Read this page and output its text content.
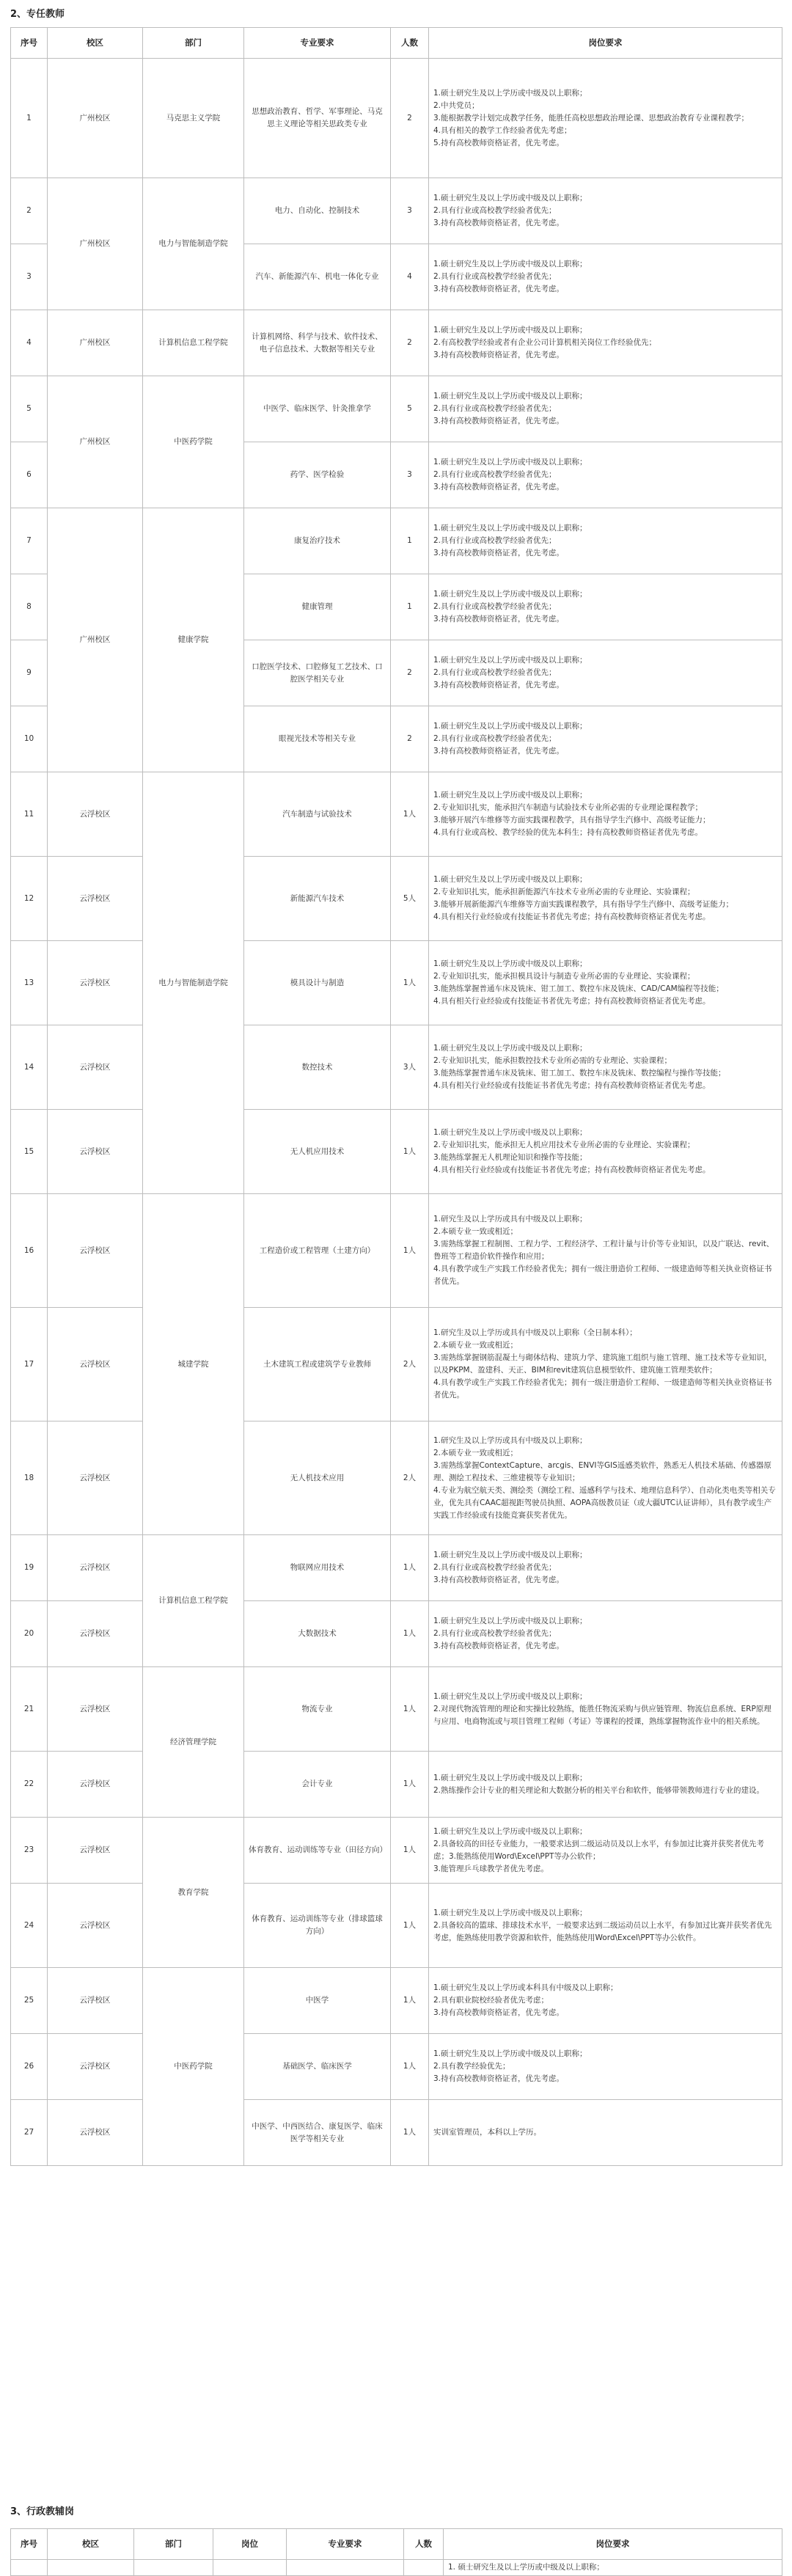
2、专任教师
序号	校区	部门	专业要求	人数	岗位要求
1	广州校区	马克思主义学院	思想政治教育、哲学、军事理论、马克思主义理论等相关思政类专业	2	1.硕士研究生及以上学历或中级及以上职称；
2.中共党员；
3.能根据教学计划完成教学任务，能胜任高校思想政治理论课、思想政治教育专业课程教学；
4.具有相关的教学工作经验者优先考虑；
5.持有高校教师资格证者，优先考虑。

2	广州校区	电力与智能制造学院	电力、自动化、控制技术	3	1.硕士研究生及以上学历或中级及以上职称；
2.具有行业或高校教学经验者优先；
3.持有高校教师资格证者，优先考虑。

3			汽车、新能源汽车、机电一体化专业	4	1.硕士研究生及以上学历或中级及以上职称；
2.具有行业或高校教学经验者优先；
3.持有高校教师资格证者，优先考虑。

4	广州校区	计算机信息工程学院	计算机网络、科学与技术、软件技术、电子信息技术、大数据等相关专业	2	1.硕士研究生及以上学历或中级及以上职称；
2.有高校教学经验或者有企业公司计算机相关岗位工作经验优先；
3.持有高校教师资格证者，优先考虑。

5	广州校区	中医药学院	中医学、临床医学、针灸推拿学	5	1.硕士研究生及以上学历或中级及以上职称；
2.具有行业或高校教学经验者优先；
3.持有高校教师资格证者，优先考虑。

6			药学、医学检验	3	1.硕士研究生及以上学历或中级及以上职称；
2.具有行业或高校教学经验者优先；
3.持有高校教师资格证者，优先考虑。

7	广州校区	健康学院	康复治疗技术	1	1.硕士研究生及以上学历或中级及以上职称；
2.具有行业或高校教学经验者优先；
3.持有高校教师资格证者，优先考虑。

8			健康管理	1	1.硕士研究生及以上学历或中级及以上职称；
2.具有行业或高校教学经验者优先；
3.持有高校教师资格证者，优先考虑。

9			口腔医学技术、口腔修复工艺技术、口腔医学相关专业	2	1.硕士研究生及以上学历或中级及以上职称；
2.具有行业或高校教学经验者优先；
3.持有高校教师资格证者，优先考虑。

10			眼视光技术等相关专业	2	1.硕士研究生及以上学历或中级及以上职称；
2.具有行业或高校教学经验者优先；
3.持有高校教师资格证者，优先考虑。

11	云浮校区	电力与智能制造学院	汽车制造与试验技术	1人	1.硕士研究生及以上学历或中级及以上职称；
2.专业知识扎实，能承担汽车制造与试验技术专业所必需的专业理论课程教学；
3.能够开展汽车维修等方面实践课程教学，具有指导学生汽修中、高级考证能力；
4.具有行业或高校、教学经验的优先本科生；持有高校教师资格证者优先考虑。

12	云浮校区		新能源汽车技术	5人	1.硕士研究生及以上学历或中级及以上职称；
2.专业知识扎实，能承担新能源汽车技术专业所必需的专业理论、实验课程；
3.能够开展新能源汽车维修等方面实践课程教学，具有指导学生汽修中、高级考证能力；
4.具有相关行业经验或有技能证书者优先考虑；持有高校教师资格证者优先考虑。

13	云浮校区		模具设计与制造	1人	1.硕士研究生及以上学历或中级及以上职称；
2.专业知识扎实，能承担模具设计与制造专业所必需的专业理论、实验课程；
3.能熟练掌握普通车床及铣床、钳工加工、数控车床及铣床、CAD/CAM编程等技能；
4.具有相关行业经验或有技能证书者优先考虑；持有高校教师资格证者优先考虑。

14	云浮校区		数控技术	3人	1.硕士研究生及以上学历或中级及以上职称；
2.专业知识扎实，能承担数控技术专业所必需的专业理论、实验课程；
3.能熟练掌握普通车床及铣床、钳工加工、数控车床及铣床、数控编程与操作等技能；
4.具有相关行业经验或有技能证书者优先考虑；持有高校教师资格证者优先考虑。

15	云浮校区		无人机应用技术	1人	1.硕士研究生及以上学历或中级及以上职称；
2.专业知识扎实，能承担无人机应用技术专业所必需的专业理论、实验课程；
3.能熟练掌握无人机理论知识和操作等技能；
4.具有相关行业经验或有技能证书者优先考虑；持有高校教师资格证者优先考虑。

16	云浮校区	城建学院	工程造价或工程管理（土建方向）	1人	1.研究生及以上学历或具有中级及以上职称；
2.本硕专业一致或相近；
3.需熟练掌握工程制图、工程力学、工程经济学、工程计量与计价等专业知识，以及广联达、revit、鲁班等工程造价软件操作和应用；
4.具有教学或生产实践工作经验者优先；拥有一级注册造价工程师、一级建造师等相关执业资格证书者优先。

17	云浮校区		土木建筑工程或建筑学专业教师	2人	1.研究生及以上学历或具有中级及以上职称（全日制本科）；
2.本硕专业一致或相近；
3.需熟练掌握钢筋混凝土与砌体结构、建筑力学、建筑施工组织与施工管理、施工技术等专业知识，以及PKPM、盈建科、天正、BIM和revit建筑信息模型软件、建筑施工管理类软件；
4.具有教学或生产实践工作经验者优先；拥有一级注册造价工程师、一级建造师等相关执业资格证书者优先。

18	云浮校区		无人机技术应用	2人	1.研究生及以上学历或具有中级及以上职称；
2.本硕专业一致或相近；
3.需熟练掌握ContextCapture、arcgis、ENVI等GIS遥感类软件，熟悉无人机技术基础、传感器原理、测绘工程技术、三维建模等专业知识；
4.专业为航空航天类、测绘类（测绘工程、遥感科学与技术、地理信息科学）、自动化类电类等相关专业，优先具有CAAC超视距驾驶员执照、AOPA高级教员证（或大疆UTC认证讲师），具有教学或生产实践工作经验或有技能竞赛获奖者优先。

19	云浮校区	计算机信息工程学院	物联网应用技术	1人	1.硕士研究生及以上学历或中级及以上职称；
2.具有行业或高校教学经验者优先；
3.持有高校教师资格证者，优先考虑。

20	云浮校区		大数据技术	1人	1.硕士研究生及以上学历或中级及以上职称；
2.具有行业或高校教学经验者优先；
3.持有高校教师资格证者，优先考虑。

21	云浮校区	经济管理学院	物流专业	1人	1.硕士研究生及以上学历或中级及以上职称；
2.对现代物流管理的理论和实操比较熟练，能胜任物流采购与供应链管理、物流信息系统、ERP原理与应用、电商物流或与项目管理工程师（考证）等课程的授课，熟练掌握物流作业中的相关系统。

22	云浮校区		会计专业	1人	1.硕士研究生及以上学历或中级及以上职称；
2.熟练操作会计专业的相关理论和大数据分析的相关平台和软件，能够带领教师进行专业的建设。

23	云浮校区	教育学院	体育教育、运动训练等专业（田径方向）	1人	1.硕士研究生及以上学历或中级及以上职称；
2.具备较高的田径专业能力，一般要求达到二级运动员及以上水平，有参加过比赛并获奖者优先考虑；3.能熟练使用Word\Excel\PPT等办公软件；
3.能管理乒乓球教学者优先考虑。

24	云浮校区		体育教育、运动训练等专业（排球篮球方向）	1人	1.硕士研究生及以上学历或中级及以上职称；
2.具备较高的篮球、排球技术水平，一般要求达到二级运动员以上水平，有参加过比赛并获奖者优先考虑，能熟练使用教学资源和软件，能熟练使用Word\Excel\PPT等办公软件。

25	云浮校区	中医药学院	中医学	1人	1.硕士研究生及以上学历或本科具有中级及以上职称；
2.具有职业院校经验者优先考虑；
3.持有高校教师资格证者，优先考虑。

26	云浮校区		基础医学、临床医学	1人	1.硕士研究生及以上学历或中级及以上职称；
2.具有教学经验优先；
3.持有高校教师资格证者，优先考虑。

27	云浮校区		中医学、中西医结合、康复医学、临床医学等相关专业	1人	实训室管理员，本科以上学历。
3、行政教辅岗
序号	校区	部门	岗位	专业要求	人数	岗位要求

						1. 硕士研究生及以上学历或中级及以上职称；
